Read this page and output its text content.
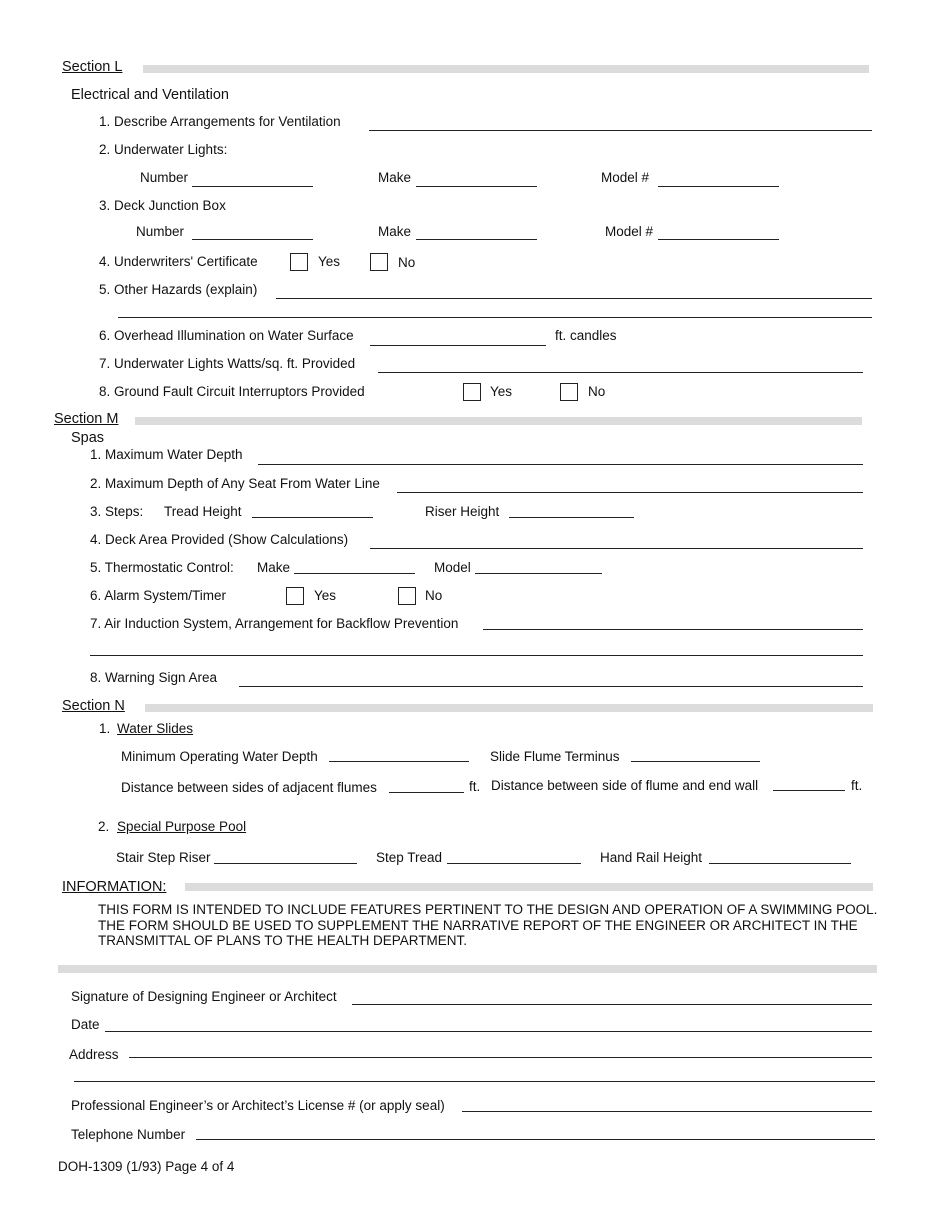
Section L
Electrical and Ventilation
1. Describe Arrangements for Ventilation
2. Underwater Lights:
Number	Make	Model #
3. Deck Junction Box
Number	Make	Model #
4. Underwriters' Certificate	Yes	No
5. Other Hazards (explain)
6. Overhead Illumination on Water Surface	ft. candles
7. Underwater Lights Watts/sq. ft. Provided
8. Ground Fault Circuit Interruptors Provided	Yes	No
Section M
Spas
1. Maximum Water Depth
2. Maximum Depth of Any Seat From Water Line
3. Steps: Tread Height	Riser Height
4. Deck Area Provided (Show Calculations)
5. Thermostatic Control: Make	Model
6. Alarm System/Timer	Yes	No
7. Air Induction System, Arrangement for Backflow Prevention
8. Warning Sign Area
Section N
1. Water Slides
Minimum Operating Water Depth	Slide Flume Terminus
Distance between sides of adjacent flumes	ft. Distance between side of flume and end wall	ft.
2. Special Purpose Pool
Stair Step Riser	Step Tread	Hand Rail Height
INFORMATION:
THIS FORM IS INTENDED TO INCLUDE FEATURES PERTINENT TO THE DESIGN AND OPERATION OF A SWIMMING POOL. THE FORM SHOULD BE USED TO SUPPLEMENT THE NARRATIVE REPORT OF THE ENGINEER OR ARCHITECT IN THE TRANSMITTAL OF PLANS TO THE HEALTH DEPARTMENT.
Signature of Designing Engineer or Architect
Date
Address
Professional Engineer’s or Architect’s License # (or apply seal)
Telephone Number
DOH-1309 (1/93) Page 4 of 4
